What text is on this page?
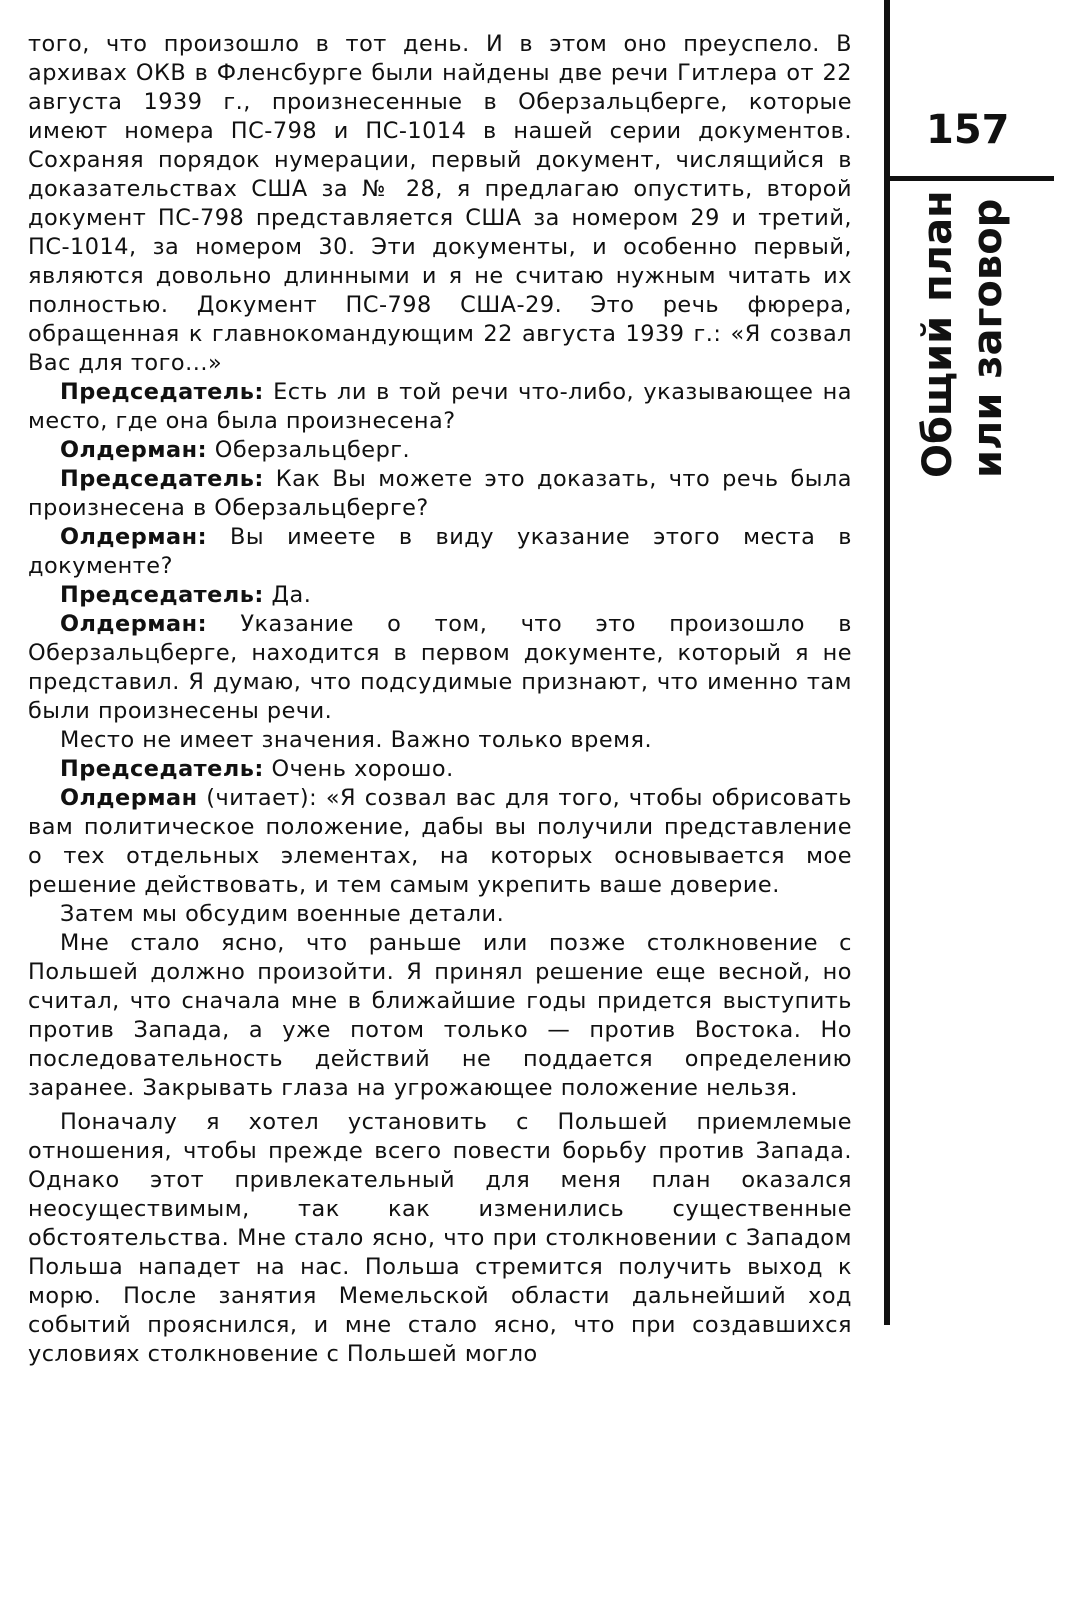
того, что произошло в тот день. И в этом оно преуспело. В архивах ОКВ в Фленсбурге были найдены две речи Гитлера от 22 августа 1939 г., произнесенные в Оберзальцберге, которые имеют номера ПС-798 и ПС-1014 в нашей серии документов. Сохраняя порядок нумерации, первый документ, числящийся в доказательствах США за № 28, я предлагаю опустить, второй документ ПС-798 представляется США за номером 29 и третий, ПС-1014, за номером 30. Эти документы, и особенно первый, являются довольно длинными и я не считаю нужным читать их полностью. Документ ПС-798 США-29. Это речь фюрера, обращенная к главнокомандующим 22 августа 1939 г.: «Я созвал Вас для того...»

Председатель: Есть ли в той речи что-либо, указывающее на место, где она была произнесена?

Олдерман: Оберзальцберг.

Председатель: Как Вы можете это доказать, что речь была произнесена в Оберзальцберге?

Олдерман: Вы имеете в виду указание этого места в документе?

Председатель: Да.

Олдерман: Указание о том, что это произошло в Оберзальцберге, находится в первом документе, который я не представил. Я думаю, что подсудимые признают, что именно там были произнесены речи.

Место не имеет значения. Важно только время.

Председатель: Очень хорошо.

Олдерман (читает): «Я созвал вас для того, чтобы обрисовать вам политическое положение, дабы вы получили представление о тех отдельных элементах, на которых основывается мое решение действовать, и тем самым укрепить ваше доверие.

Затем мы обсудим военные детали.

Мне стало ясно, что раньше или позже столкновение с Польшей должно произойти. Я принял решение еще весной, но считал, что сначала мне в ближайшие годы придется выступить против Запада, а уже потом только — против Востока. Но последовательность действий не поддается определению заранее. Закрывать глаза на угрожающее положение нельзя.

Поначалу я хотел установить с Польшей приемлемые отношения, чтобы прежде всего повести борьбу против Запада. Однако этот привлекательный для меня план оказался неосуществимым, так как изменились существенные обстоятельства. Мне стало ясно, что при столкновении с Западом Польша нападет на нас. Польша стремится получить выход к морю. После занятия Мемельской области дальнейший ход событий прояснился, и мне стало ясно, что при создавшихся условиях столкновение с Польшей могло

157
Общий план или заговор
